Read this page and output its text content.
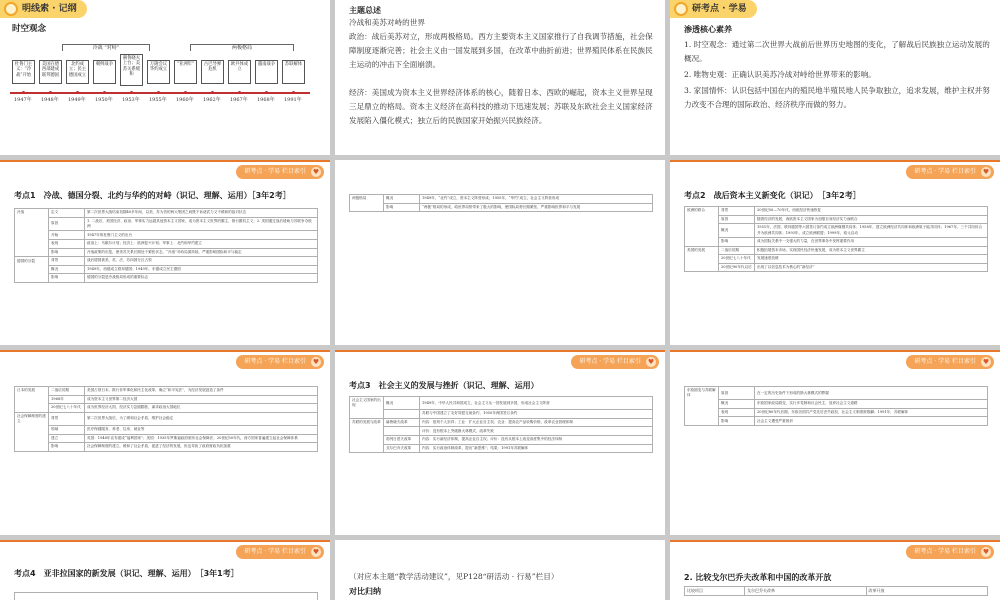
明线索 · 记纲
时空观念
冷战 “对峙”	两极格局
杜鲁门主义：“冷战”开始
1947年
美国在德西部建成联邦德国
1948年
北约成立；民主德国成立
1949年
朝鲜战争
1950年
赫鲁晓夫上台；美苏关系缓和
1953年
万隆会议华约成立
1955年
“亚洲年”
1960年
古巴导弹危机
1962年
欧共体成立
1967年
越南战争
1968年
苏联解体
1991年
主题总述
冷战和美苏对峙的世界
政治：战后美苏对立，形成两极格局。西方主要资本主义国家推行了自我调节措施，社会保障制度逐渐完善；社会主义由一国发展到多国，在改革中曲折前进；世界殖民体系在民族民主运动的冲击下全面崩溃。
经济：美国成为资本主义世界经济体系的核心，随着日本、西欧的崛起，资本主义世界呈现三足鼎立的格局。资本主义经济在高科技的推动下迅速发展；苏联及东欧社会主义国家经济发展陷入僵化模式；独立后的民族国家开始振兴民族经济。
研考点 · 学易
渗透核心素养
1. 时空观念：通过第二次世界大战前后世界历史地图的变化，了解战后民族独立运动发展的概况。
2. 唯物史观：正确认识美苏冷战对峙给世界带来的影响。
3. 家国情怀：认识包括中国在内的殖民地半殖民地人民争取独立，追求发展，维护主权并努力改变不合理的国际政治、经济秩序而做的努力。
研考点 · 学易 栏目索引 ♥
考点1　冷战、德国分裂、北约与华约的对峙（识记、理解、运用）［3年2考］
冷战	定义	第二次世界大战结束初期40多年间，以美、苏为首的两大集团之间既不诉诸武力又不缓和的敌对状态
	原因	1. 二战后，美国经济、政治、军事实力远超其他资本主义国家，成为资本主义世界的霸主，推行霸权主义；2. 美国通过战后援助与苏联争夺欧洲
	开始	1947年的杜鲁门主义的出台
	表现	政治上：马歇尔计划；经济上：欧洲复兴计划；军事上：北约和华约建立
	影响	冷战政策的出笼，使美苏关系长期处于紧张状态，“冷战”对峙局面持续，严重影响国际和平与稳定
德国的分裂	背景	战后德国被美、英、法、苏四国分区占领
	概况	1949年，西德成立联邦德国；1949年，东德成立民主德国
	影响	德国的分裂是冷战格局形成的重要标志
两极格局	概况	1949年，“北约”成立，资本主义阵营形成；1955年，“华约”成立，社会主义阵营形成
	影响	“两极”格局的形成，给世界局势带来了极大的影响，使国际局势长期紧张，严重影响世界和平与发展
研考点 · 学易 栏目索引 ♥
考点2　战后资本主义新变化（识记）　［3年2考］
欧洲的联合	背景	20世纪50—70年代，西欧经济快速恢复
	原因	随着经济的发展，西欧资本主义国家为加强自身经济实力而联合
	概况	1951年，法国、联邦德国等六国签订条约成立欧洲煤钢共同体；1958年，建立欧洲经济共同体和欧洲原子能共同体；1967年，三个共同体合并为欧洲共同体；1993年，成立欧洲联盟；1999年，欧元启动
	影响	成为国际关系中一支强大的力量，在世界事务中发挥重要作用
美国的发展	二战后初期	积极拓展资本市场，实现国民经济快速发展，成为资本主义世界霸主
	20世纪七八十年代	发展速度放缓
	20世纪90年代以后	出现了以信息技术为核心的“新经济”
研考点 · 学易 栏目索引 ♥
日本的发展	二战后初期	美国占领日本，推行非军事化和民主化改革，确立“和平宪法”，为经济发展创造了条件
	1968年	成为资本主义世界第二经济大国
	20世纪七八十年代	成为世界经济大国，经济实力急剧膨胀，谋求政治大国地位
社会保障制度的建立	背景	第二次世界大战后，为了缓和社会矛盾，维护社会稳定
	领域	医疗保健服务、养老、住房、就业等
	建立	英国：1948年宣布建成“福利国家”；美国：1935年罗斯福政府颁布社会保障法；20世纪50年代，西方国家普遍建立起社会保障体系
	影响	社会保障制度的建立，缓和了社会矛盾，促进了经济的发展，但也导致了政府财政负担加重
研考点 · 学易 栏目索引 ♥
考点3　社会主义的发展与挫折（识记、理解、运用）
社会主义国家的出现	概况	1949年，中华人民共和国成立，社会主义从一国发展到多国，形成社会主义阵营
		苏联与中国建立了友好同盟互助条约，1950年两国签订条约
苏联的发展与改革	赫鲁晓夫改革	内容：批判个人崇拜；工业：扩大企业自主权；农业：提高农产品收购价格，改革农业管理体制
		评价：没有根本上突破斯大林模式，改革失败
	勃列日涅夫改革	内容：实行新经济体制，提高企业自主权；评价：没有从根本上改变高度集中的经济体制
	戈尔巴乔夫改革	内容：实行政治体制改革，提出“新思维”；结果：1991年苏联解体
研考点 · 学易 栏目索引 ♥
东欧剧变与苏联解体	原因	在一定的历史条件下形成的斯大林模式的弊端
	概况	东欧国家政局剧变，实行多党制和议会民主，放弃社会主义道路
	表现	20世纪80年代后期，东欧各国共产党先后丧失政权，社会主义制度被推翻；1991年，苏联解体
	影响	社会主义遭受严重挫折
研考点 · 学易 栏目索引 ♥
考点4　亚非拉国家的新发展（识记、理解、运用）　［3年1考］	（对应本主题“教学活动建议”，见P128“研活动 · 行易”栏目）
对比归纳
研考点 · 学易 栏目索引 ♥
2. 比较戈尔巴乔夫改革和中国的改革开放
比较项目	戈尔巴乔夫改革	改革开放
